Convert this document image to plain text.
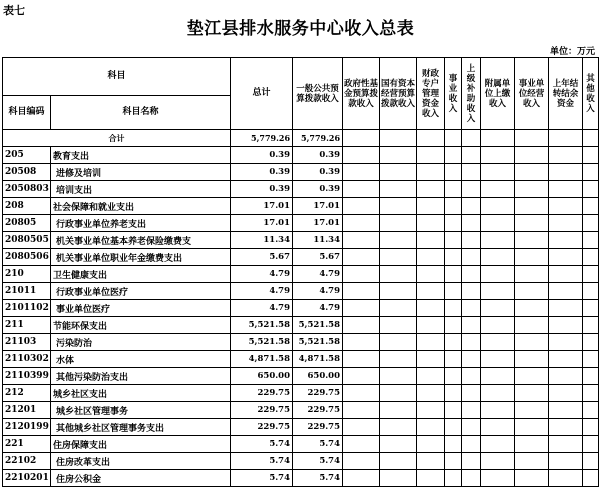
表七
垫江县排水服务中心收入总表
单位：万元
科目		总计	一般公共预算拨款收入	政府性基金预算拨款收入	国有资本经营预算拨款收入	财政专户管理资金收入	事业收入	上级补助收入	附属单位上缴收入	事业单位经营收入	上年结转结余资金	其他收入
科目编码	科目名称											
合计		5,779.26	5,779.26									
205	教育支出	0.39	0.39									
20508	进修及培训	0.39	0.39									
2050803	培训支出	0.39	0.39									
208	社会保障和就业支出	17.01	17.01									
20805	行政事业单位养老支出	17.01	17.01									
2080505	机关事业单位基本养老保险缴费支	11.34	11.34									
2080506	机关事业单位职业年金缴费支出	5.67	5.67									
210	卫生健康支出	4.79	4.79									
21011	行政事业单位医疗	4.79	4.79									
2101102	事业单位医疗	4.79	4.79									
211	节能环保支出	5,521.58	5,521.58									
21103	污染防治	5,521.58	5,521.58									
2110302	水体	4,871.58	4,871.58									
2110399	其他污染防治支出	650.00	650.00									
212	城乡社区支出	229.75	229.75									
21201	城乡社区管理事务	229.75	229.75									
2120199	其他城乡社区管理事务支出	229.75	229.75									
221	住房保障支出	5.74	5.74									
22102	住房改革支出	5.74	5.74									
2210201	住房公积金	5.74	5.74									
